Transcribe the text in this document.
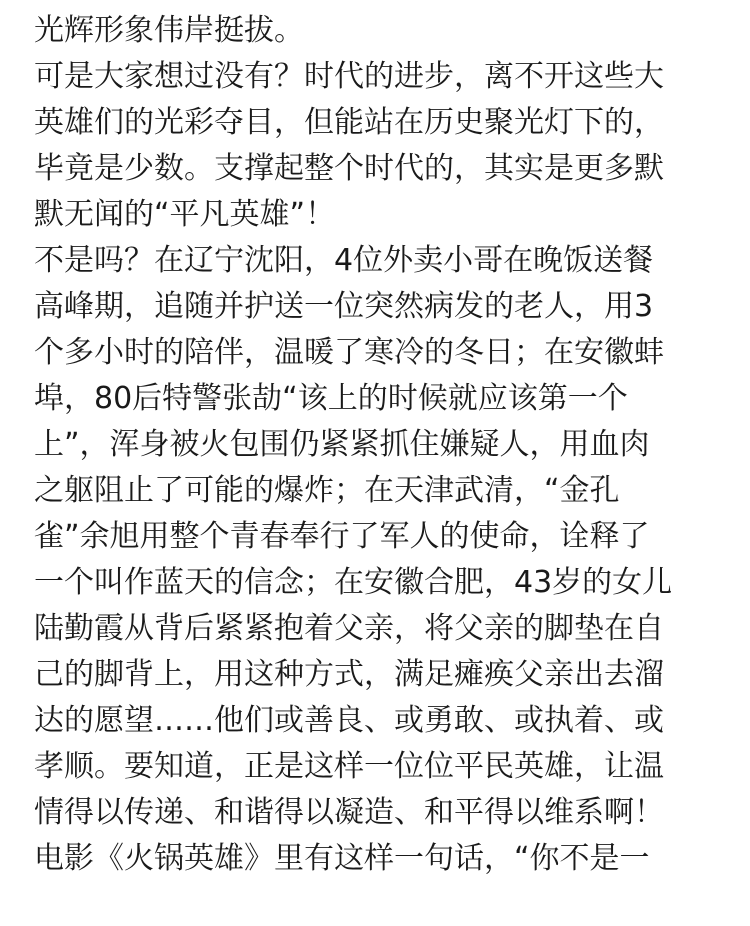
光辉形象伟岸挺拔。
可是大家想过没有？时代的进步，离不开这些大
英雄们的光彩夺目，但能站在历史聚光灯下的，
毕竟是少数。支撑起整个时代的，其实是更多默
默无闻的“平凡英雄”！
不是吗？在辽宁沈阳，4位外卖小哥在晚饭送餐
高峰期，追随并护送一位突然病发的老人，用3
个多小时的陪伴，温暖了寒冷的冬日；在安徽蚌
埠，80后特警张劼“该上的时候就应该第一个
上”，浑身被火包围仍紧紧抓住嫌疑人，用血肉
之躯阻止了可能的爆炸；在天津武清，“金孔
雀”余旭用整个青春奉行了军人的使命，诠释了
一个叫作蓝天的信念；在安徽合肥，43岁的女儿
陆勤霞从背后紧紧抱着父亲，将父亲的脚垫在自
己的脚背上，用这种方式，满足瘫痪父亲出去溜
达的愿望……他们或善良、或勇敢、或执着、或
孝顺。要知道，正是这样一位位平民英雄，让温
情得以传递、和谐得以凝造、和平得以维系啊！
电影《火锅英雄》里有这样一句话，“你不是一
